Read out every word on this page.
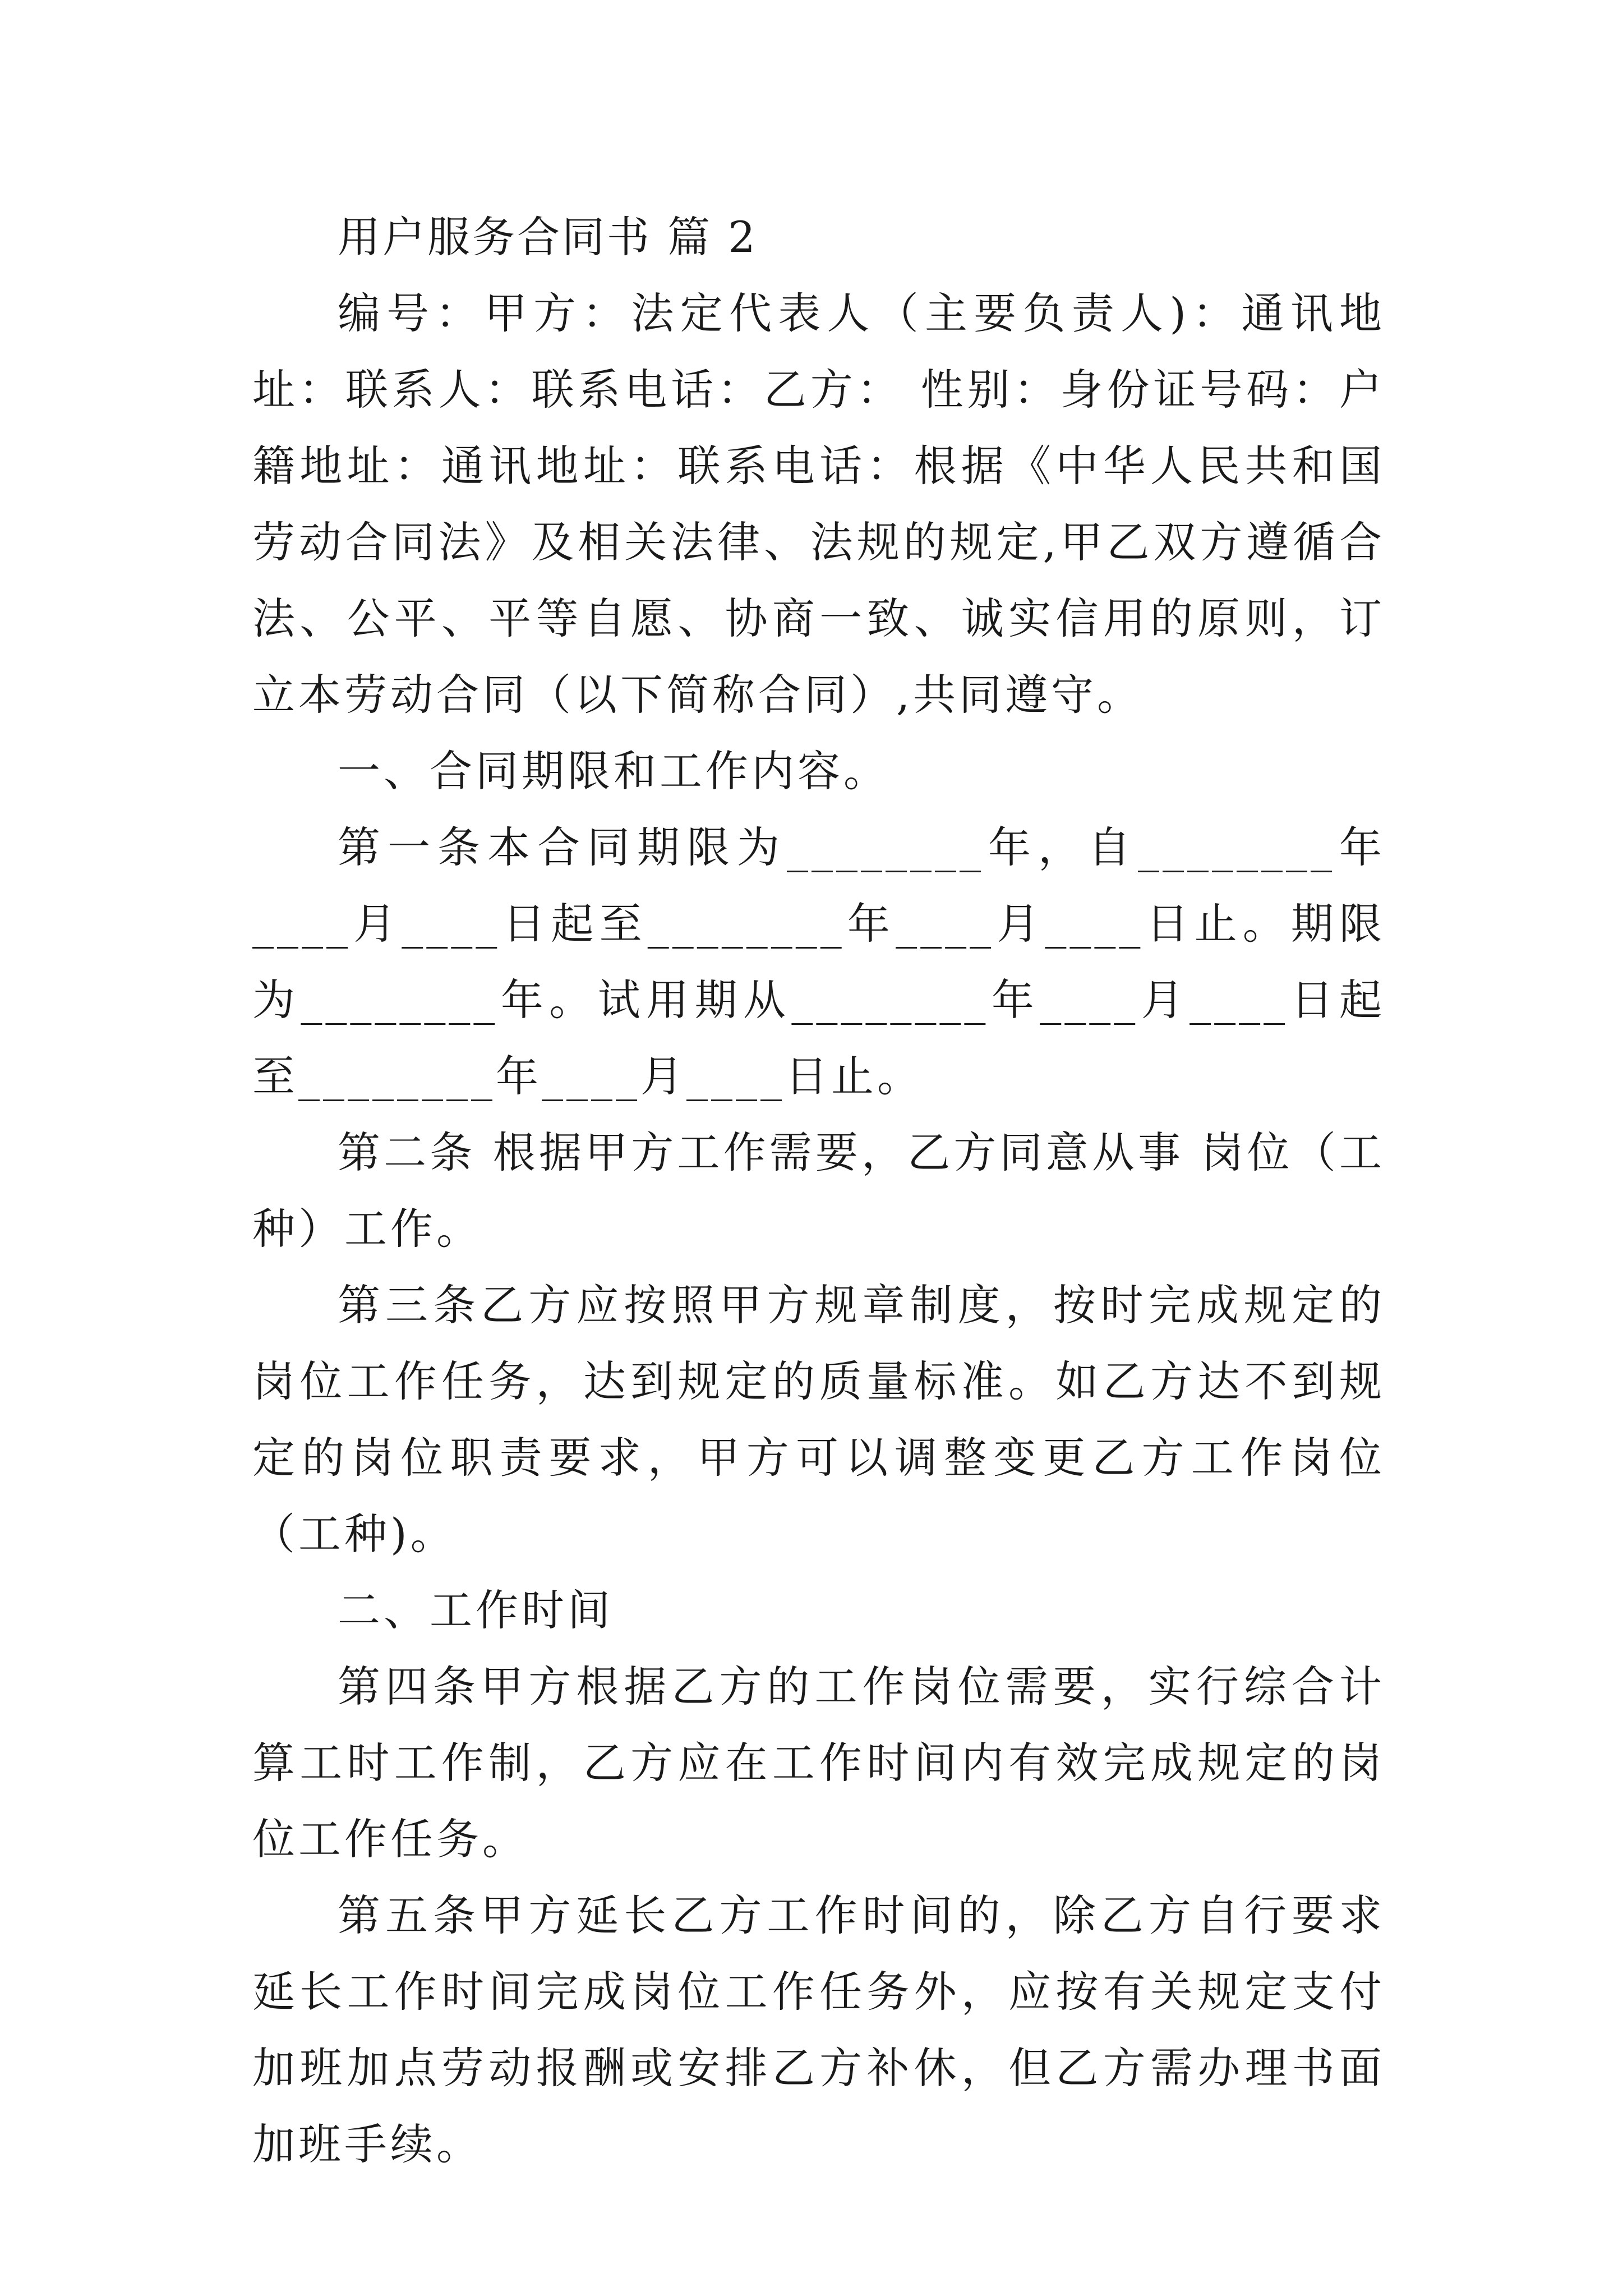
用户服务合同书 篇 2

编号：甲方：法定代表人（主要负责人)：通讯地址：联系人：联系电话：乙方： 性别：身份证号码：户籍地址：通讯地址：联系电话：根据《中华人民共和国劳动合同法》及相关法律、法规的规定,甲乙双方遵循合法、公平、平等自愿、协商一致、诚实信用的原则，订立本劳动合同（以下简称合同）,共同遵守。

一、合同期限和工作内容。

第一条本合同期限为________年，自________年____月____日起至________年____月____日止。期限为________年。试用期从________年____月____日起至________年____月____日止。

第二条 根据甲方工作需要，乙方同意从事 岗位（工种）工作。

第三条乙方应按照甲方规章制度，按时完成规定的岗位工作任务，达到规定的质量标准。如乙方达不到规定的岗位职责要求，甲方可以调整变更乙方工作岗位（工种)。

二、工作时间

第四条甲方根据乙方的工作岗位需要，实行综合计算工时工作制，乙方应在工作时间内有效完成规定的岗位工作任务。

第五条甲方延长乙方工作时间的，除乙方自行要求延长工作时间完成岗位工作任务外，应按有关规定支付加班加点劳动报酬或安排乙方补休，但乙方需办理书面加班手续。
